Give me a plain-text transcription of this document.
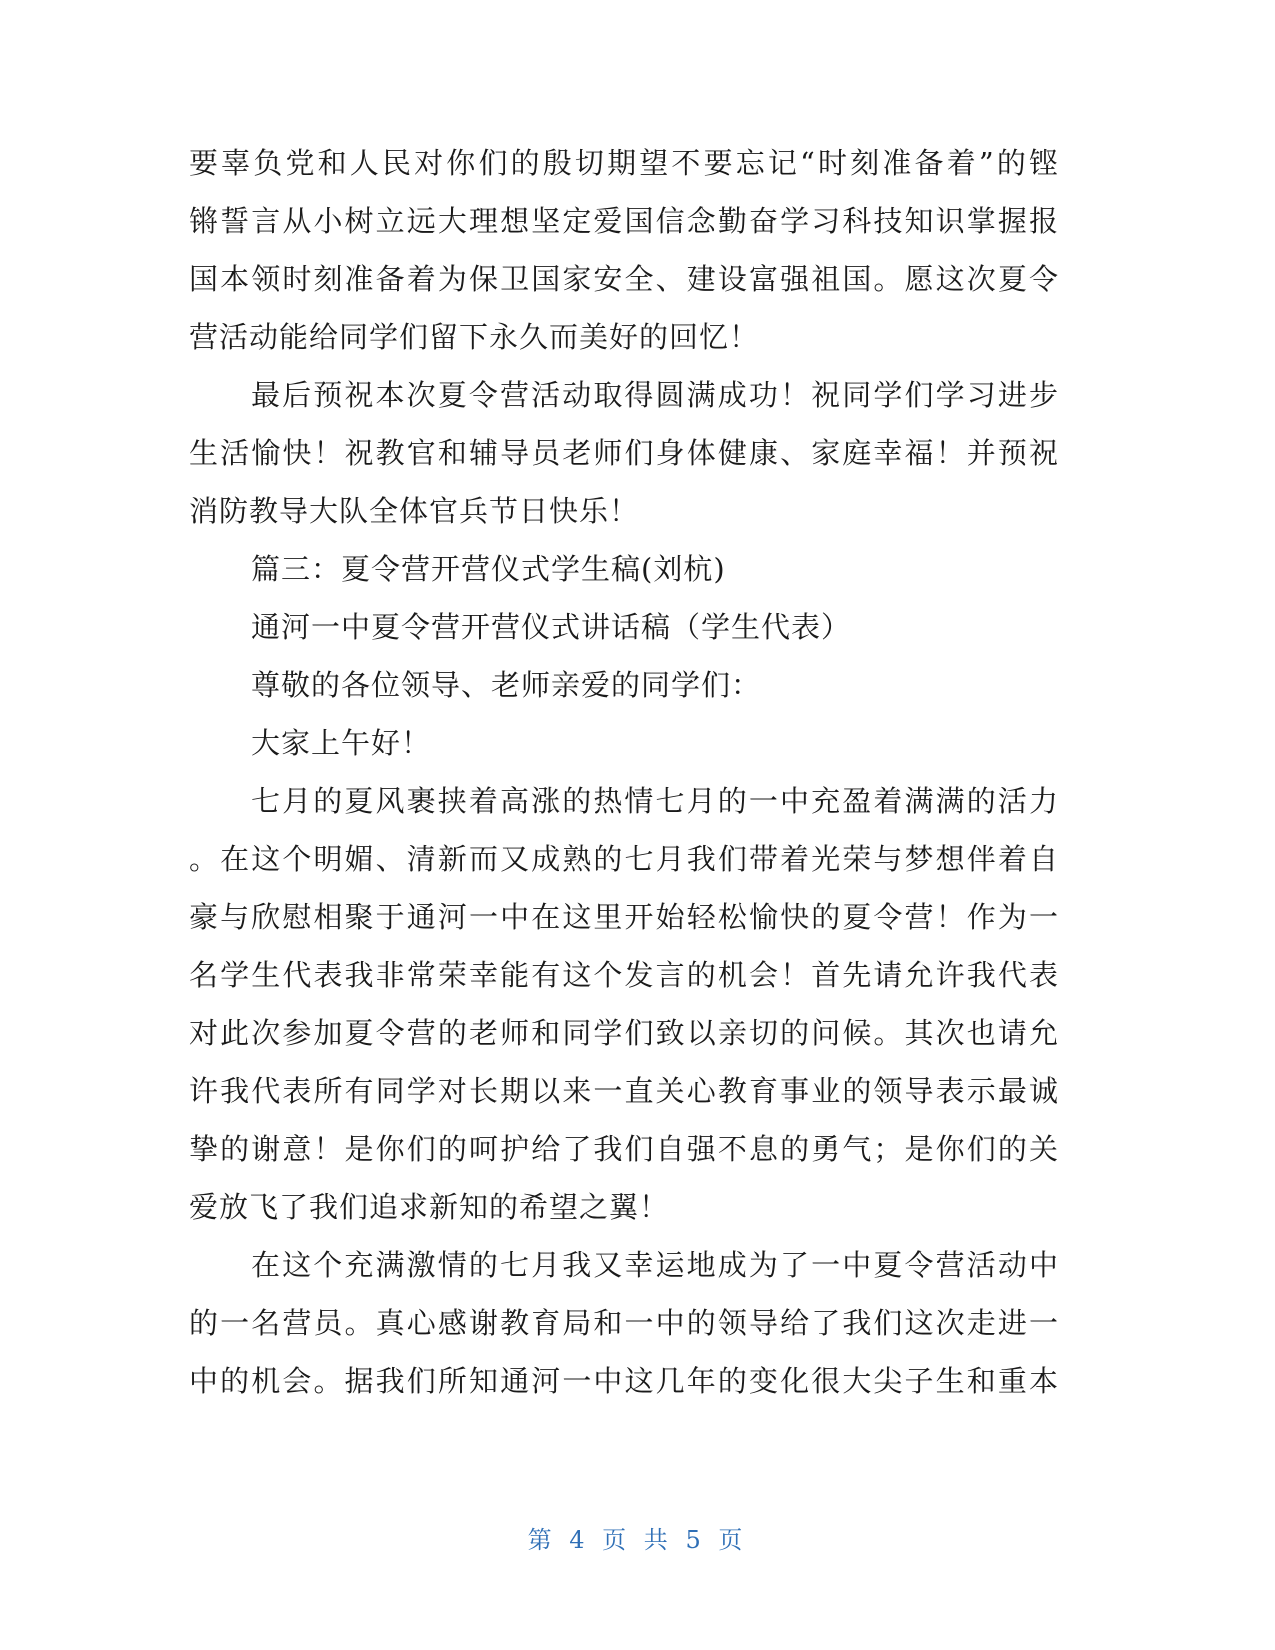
要辜负党和人民对你们的殷切期望不要忘记“时刻准备着”的铿
锵誓言从小树立远大理想坚定爱国信念勤奋学习科技知识掌握报
国本领时刻准备着为保卫国家安全、建设富强祖国。愿这次夏令
营活动能给同学们留下永久而美好的回忆！
最后预祝本次夏令营活动取得圆满成功！祝同学们学习进步
生活愉快！祝教官和辅导员老师们身体健康、家庭幸福！并预祝
消防教导大队全体官兵节日快乐！
篇三：夏令营开营仪式学生稿(刘杭)
通河一中夏令营开营仪式讲话稿（学生代表）
尊敬的各位领导、老师亲爱的同学们：
大家上午好！
七月的夏风裹挟着高涨的热情七月的一中充盈着满满的活力
。在这个明媚、清新而又成熟的七月我们带着光荣与梦想伴着自
豪与欣慰相聚于通河一中在这里开始轻松愉快的夏令营！作为一
名学生代表我非常荣幸能有这个发言的机会！首先请允许我代表
对此次参加夏令营的老师和同学们致以亲切的问候。其次也请允
许我代表所有同学对长期以来一直关心教育事业的领导表示最诚
挚的谢意！是你们的呵护给了我们自强不息的勇气；是你们的关
爱放飞了我们追求新知的希望之翼！
在这个充满激情的七月我又幸运地成为了一中夏令营活动中
的一名营员。真心感谢教育局和一中的领导给了我们这次走进一
中的机会。据我们所知通河一中这几年的变化很大尖子生和重本
第 4 页 共 5 页
